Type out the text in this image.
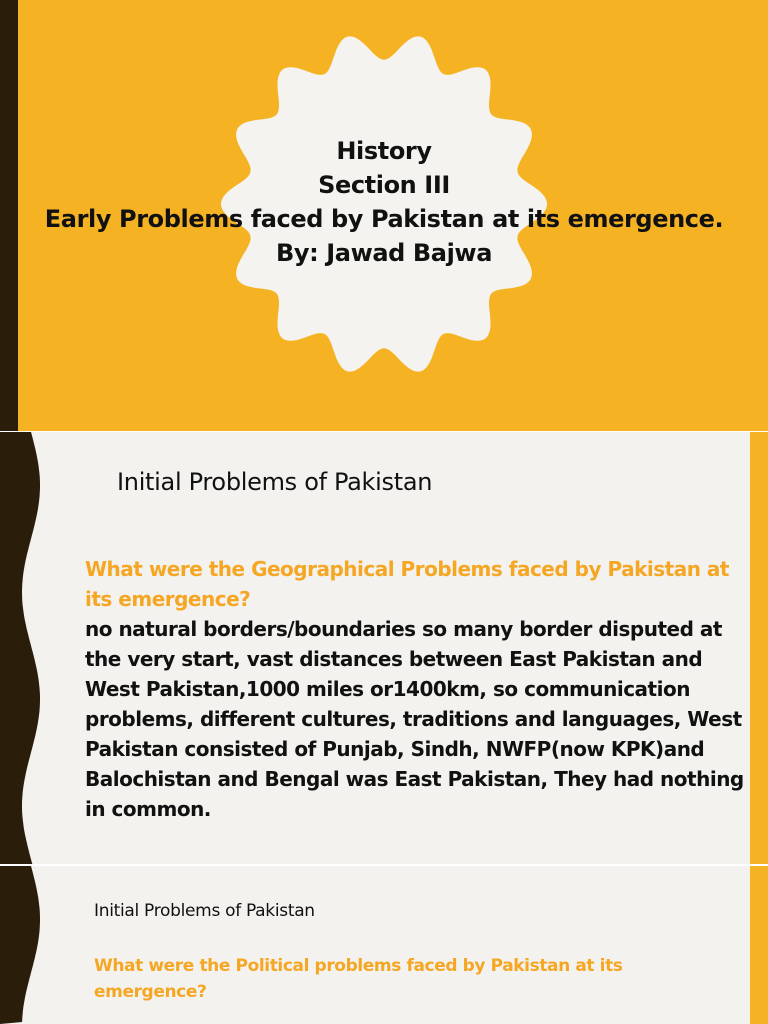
History
Section III
Early Problems faced by Pakistan at its emergence.
By: Jawad Bajwa
Initial Problems of Pakistan
What were the Geographical Problems faced by Pakistan at its emergence?
no natural borders/boundaries so many border disputed at the very start, vast distances between East Pakistan and West Pakistan,1000 miles or1400km, so communication problems, different cultures, traditions and languages, West Pakistan consisted of Punjab, Sindh, NWFP(now KPK)and Balochistan and Bengal was East Pakistan, They had nothing in common.
Initial Problems of Pakistan
What were the Political problems faced by Pakistan at its emergence?
